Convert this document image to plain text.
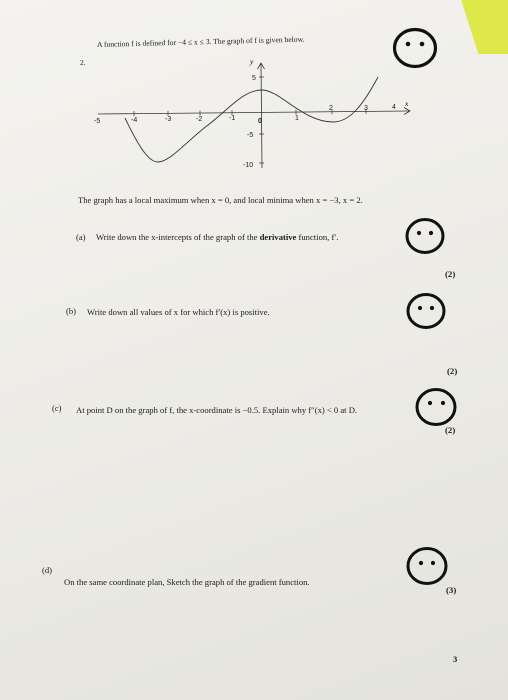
2.
A function f is defined for −4 ≤ x ≤ 3. The graph of f is given below.
y
x
-5	-4	-3	-2	-1	0	1
2	3	4
5
-5
-10
The graph has a local maximum when x = 0, and local minima when x = −3, x = 2.
(a) Write down the x-intercepts of the graph of the derivative function, f′.
(2)
(b) Write down all values of x for which f′(x) is positive.
(2)
(c) At point D on the graph of f, the x-coordinate is −0.5. Explain why f″(x) < 0 at D.
(2)
(d)
On the same coordinate plan, Sketch the graph of the gradient function.
(3)
3
